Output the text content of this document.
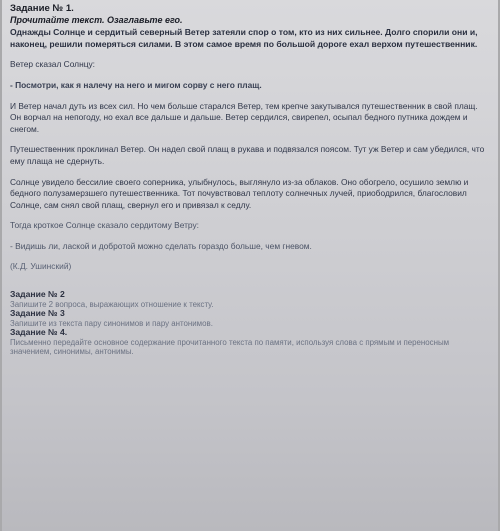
Задание № 1.
Прочитайте текст. Озаглавьте его.
Однажды Солнце и сердитый северный Ветер затеяли спор о том, кто из них сильнее. Долго спорили они и, наконец, решили померяться силами. В этом самое время по большой дороге ехал верхом путешественник.
Ветер сказал Солнцу:
- Посмотри, как я налечу на него и мигом сорву с него плащ.
И Ветер начал дуть из всех сил. Но чем больше старался Ветер, тем крепче закутывался путешественник в свой плащ. Он ворчал на непогоду, но ехал все дальше и дальше. Ветер сердился, свирепел, осыпал бедного путника дождем и снегом.
Путешественник проклинал Ветер. Он надел свой плащ в рукава и подвязался поясом. Тут уж Ветер и сам убедился, что ему плаща не сдернуть.
Солнце увидело бессилие своего соперника, улыбнулось, выглянуло из-за облаков. Оно обогрело, осушило землю и бедного полузамерзшего путешественника. Тот почувствовал теплоту солнечных лучей, приободрился, благословил Солнце, сам снял свой плащ, свернул его и привязал к седлу.
Тогда кроткое Солнце сказало сердитому Ветру:
- Видишь ли, лаской и добротой можно сделать гораздо больше, чем гневом.
(К.Д. Ушинский)
Задание № 2
Запишите 2 вопроса, выражающих отношение к тексту.
Задание № 3
Запишите из текста пару синонимов и пару антонимов.
Задание № 4.
Письменно передайте основное содержание прочитанного текста по памяти, используя слова с прямым и переносным значением, синонимы, антонимы.
